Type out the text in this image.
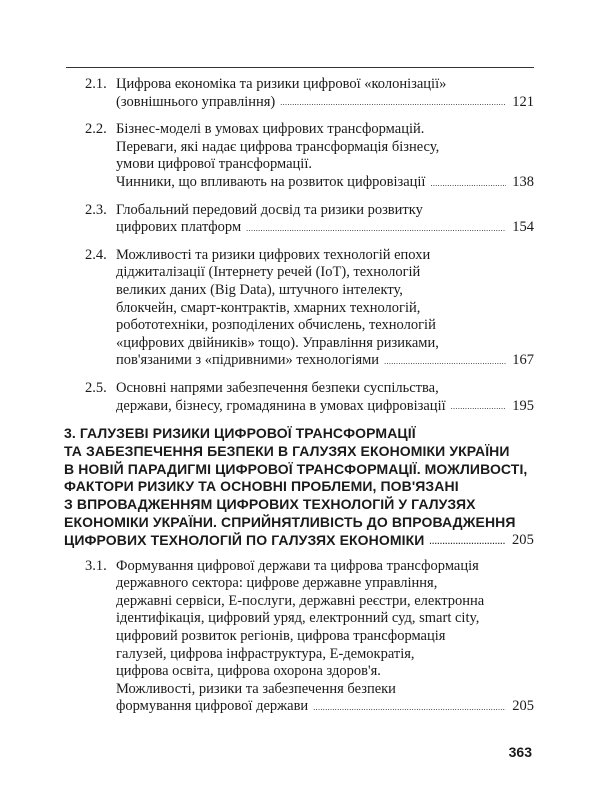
2.1. Цифрова економіка та ризики цифрової «колонізації»
(зовнішнього управління) .....	121
2.2. Бізнес-моделі в умовах цифрових трансформацій.
Переваги, які надає цифрова трансформація бізнесу,
умови цифрової трансформації.
Чинники, що впливають на розвиток цифровізації .....	138
2.3. Глобальний передовий досвід та ризики розвитку
цифрових платформ .....	154
2.4. Можливості та ризики цифрових технологій епохи
діджиталізації (Інтернету речей (IoT), технологій
великих даних (Big Data), штучного інтелекту,
блокчейн, смарт-контрактів, хмарних технологій,
робототехніки, розподілених обчислень, технологій
«цифрових двійників» тощо). Управління ризиками,
пов'язаними з «підривними» технологіями .....	167
2.5. Основні напрями забезпечення безпеки суспільства,
держави, бізнесу, громадянина в умовах цифровізації .....	195
3. ГАЛУЗЕВІ РИЗИКИ ЦИФРОВОЇ ТРАНСФОРМАЦІЇ
ТА ЗАБЕЗПЕЧЕННЯ БЕЗПЕКИ В ГАЛУЗЯХ ЕКОНОМІКИ УКРАЇНИ
В НОВІЙ ПАРАДИГМІ ЦИФРОВОЇ ТРАНСФОРМАЦІЇ. МОЖЛИВОСТІ,
ФАКТОРИ РИЗИКУ ТА ОСНОВНІ ПРОБЛЕМИ, ПОВ'ЯЗАНІ
З ВПРОВАДЖЕННЯМ ЦИФРОВИХ ТЕХНОЛОГІЙ У ГАЛУЗЯХ
ЕКОНОМІКИ УКРАЇНИ. СПРИЙНЯТЛИВІСТЬ ДО ВПРОВАДЖЕННЯ
ЦИФРОВИХ ТЕХНОЛОГІЙ ПО ГАЛУЗЯХ ЕКОНОМІКИ .....	205
3.1. Формування цифрової держави та цифрова трансформація
державного сектора: цифрове державне управління,
державні сервіси, Е-послуги, державні реєстри, електронна
ідентифікація, цифровий уряд, електронний суд, smart city,
цифровий розвиток регіонів, цифрова трансформація
галузей, цифрова інфраструктура, Е-демократія,
цифрова освіта, цифрова охорона здоров'я.
Можливості, ризики та забезпечення безпеки
формування цифрової держави .....	205
363
